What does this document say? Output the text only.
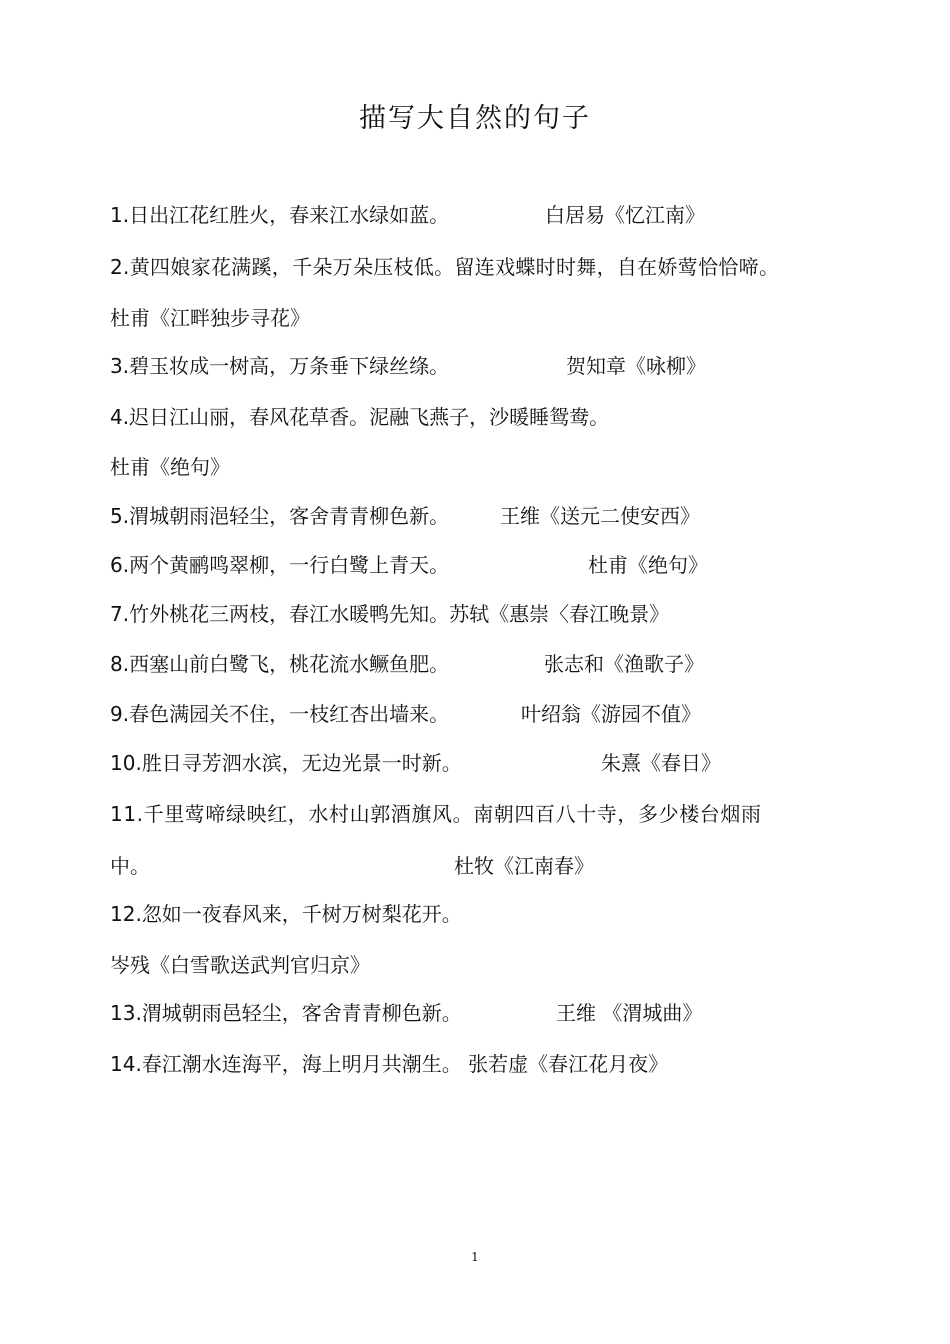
描写大自然的句子
1.日出江花红胜火，春来江水绿如蓝。	白居易《忆江南》
2.黄四娘家花满蹊，千朵万朵压枝低。留连戏蝶时时舞，自在娇莺恰恰啼。
杜甫《江畔独步寻花》
3.碧玉妆成一树高，万条垂下绿丝绦。	贺知章《咏柳》
4.迟日江山丽，春风花草香。泥融飞燕子，沙暖睡鸳鸯。
杜甫《绝句》
5.渭城朝雨浥轻尘，客舍青青柳色新。	王维《送元二使安西》
6.两个黄鹂鸣翠柳，一行白鹭上青天。	杜甫《绝句》
7.竹外桃花三两枝，春江水暖鸭先知。苏轼《惠崇〈春江晚景》
8.西塞山前白鹭飞，桃花流水鳜鱼肥。	张志和《渔歌子》
9.春色满园关不住，一枝红杏出墙来。	叶绍翁《游园不值》
10.胜日寻芳泗水滨，无边光景一时新。	朱熹《春日》
11.千里莺啼绿映红，水村山郭酒旗风。南朝四百八十寺，多少楼台烟雨
中。	杜牧《江南春》
12.忽如一夜春风来，千树万树梨花开。
岑残《白雪歌送武判官归京》
13.渭城朝雨邑轻尘，客舍青青柳色新。	王维 《渭城曲》
14.春江潮水连海平，海上明月共潮生。 张若虚《春江花月夜》
1
